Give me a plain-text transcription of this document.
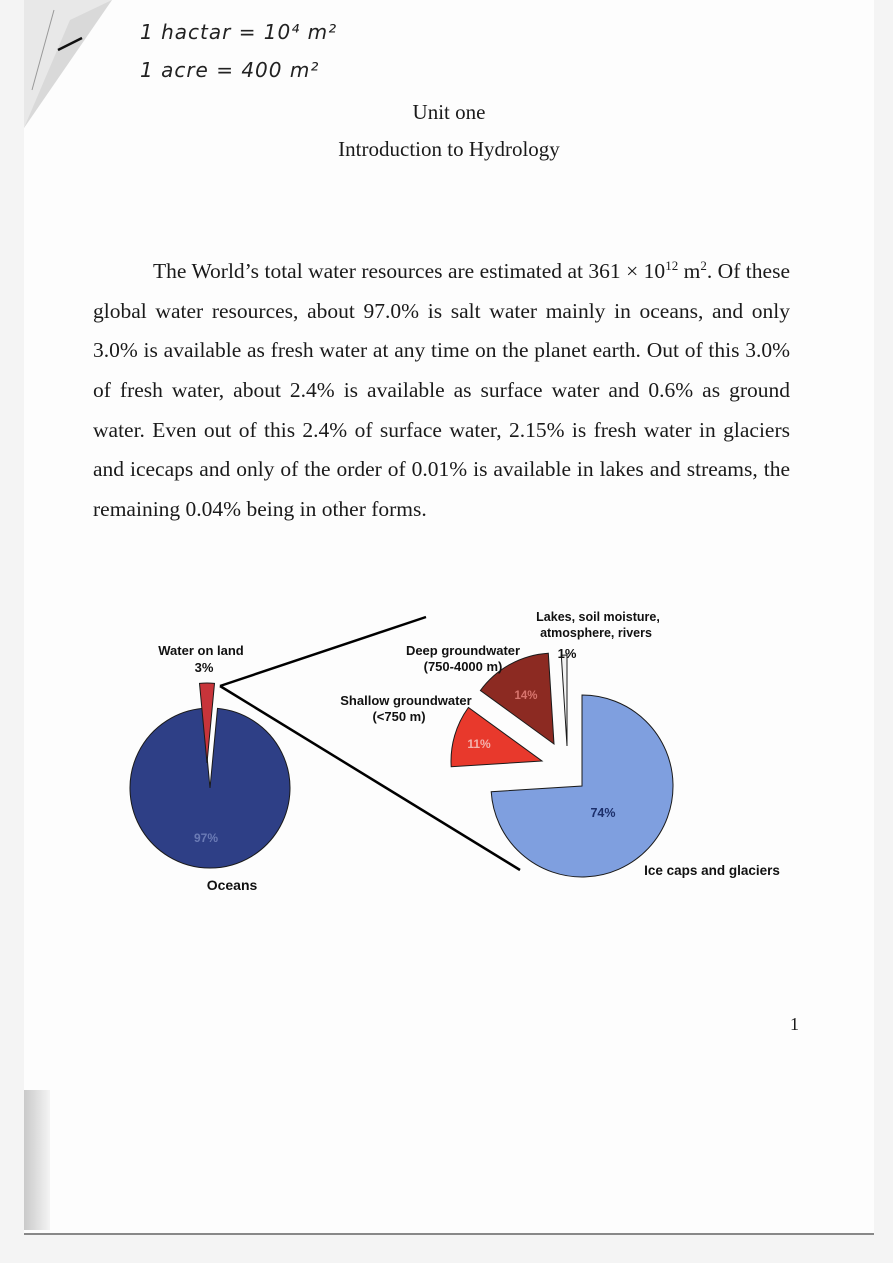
1 hactar = 10⁴ m²
1 acre = 400 m²
Unit one
Introduction to Hydrology

The World’s total water resources are estimated at $361 \times 10^{12}$ $m^2$. Of these global water resources, about 97.0% is salt water mainly in oceans, and only 3.0% is available as fresh water at any time on the planet earth. Out of this 3.0% of fresh water, about 2.4% is available as surface water and 0.6% as ground water. Even out of this 2.4% of surface water, 2.15% is fresh water in glaciers and icecaps and only of the order of 0.01% is available in lakes and streams, the remaining 0.04% being in other forms.

Water on land
3%
97%
Oceans
Lakes, soil moisture,
atmosphere, rivers
1%
Deep groundwater
(750-4000 m)
14%
Shallow groundwater
(<750 m)
11%
74%
Ice caps and glaciers
1
